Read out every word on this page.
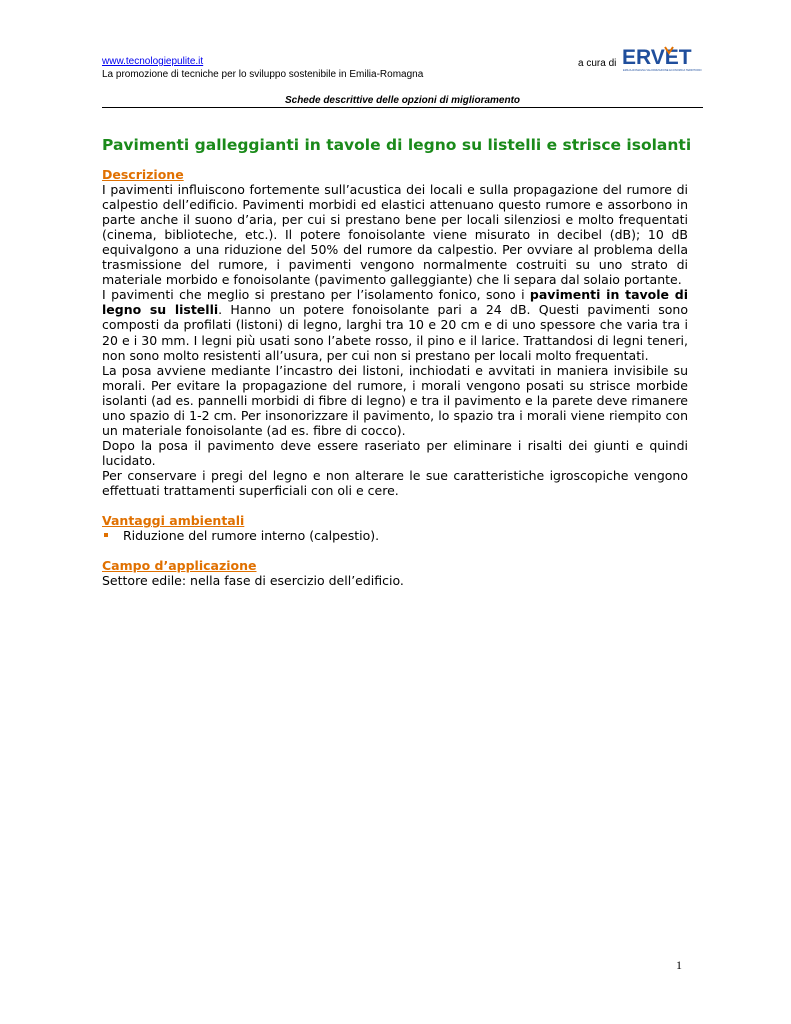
www.tecnologiepulite.it
La promozione di tecniche per lo sviluppo sostenibile in Emilia-Romagna
a cura di ERVET
EMILIA-ROMAGNA VALORIZZAZIONE ECONOMICA TERRITORIO
Schede descrittive delle opzioni di miglioramento
Pavimenti galleggianti in tavole di legno su listelli e strisce isolanti
Descrizione

I pavimenti influiscono fortemente sull’acustica dei locali e sulla propagazione del rumore di calpestio dell’edificio. Pavimenti morbidi ed elastici attenuano questo rumore e assorbono in parte anche il suono d’aria, per cui si prestano bene per locali silenziosi e molto frequentati (cinema, biblioteche, etc.). Il potere fonoisolante viene misurato in decibel (dB); 10 dB equivalgono a una riduzione del 50% del rumore da calpestio. Per ovviare al problema della trasmissione del rumore, i pavimenti vengono normalmente costruiti su uno strato di materiale morbido e fonoisolante (pavimento galleggiante) che li separa dal solaio portante.

I pavimenti che meglio si prestano per l’isolamento fonico, sono i pavimenti in tavole di legno su listelli. Hanno un potere fonoisolante pari a 24 dB. Questi pavimenti sono composti da profilati (listoni) di legno, larghi tra 10 e 20 cm e di uno spessore che varia tra i 20 e i 30 mm. I legni più usati sono l’abete rosso, il pino e il larice. Trattandosi di legni teneri, non sono molto resistenti all’usura, per cui non si prestano per locali molto frequentati.

La posa avviene mediante l’incastro dei listoni, inchiodati e avvitati in maniera invisibile su morali. Per evitare la propagazione del rumore, i morali vengono posati su strisce morbide isolanti (ad es. pannelli morbidi di fibre di legno) e tra il pavimento e la parete deve rimanere uno spazio di 1-2 cm. Per insonorizzare il pavimento, lo spazio tra i morali viene riempito con un materiale fonoisolante (ad es. fibre di cocco).

Dopo la posa il pavimento deve essere raseriato per eliminare i risalti dei giunti e quindi lucidato.

Per conservare i pregi del legno e non alterare le sue caratteristiche igroscopiche vengono effettuati trattamenti superficiali con oli e cere.

Vantaggi ambientali
Riduzione del rumore interno (calpestio).
Campo d’applicazione
Settore edile: nella fase di esercizio dell’edificio.
1
